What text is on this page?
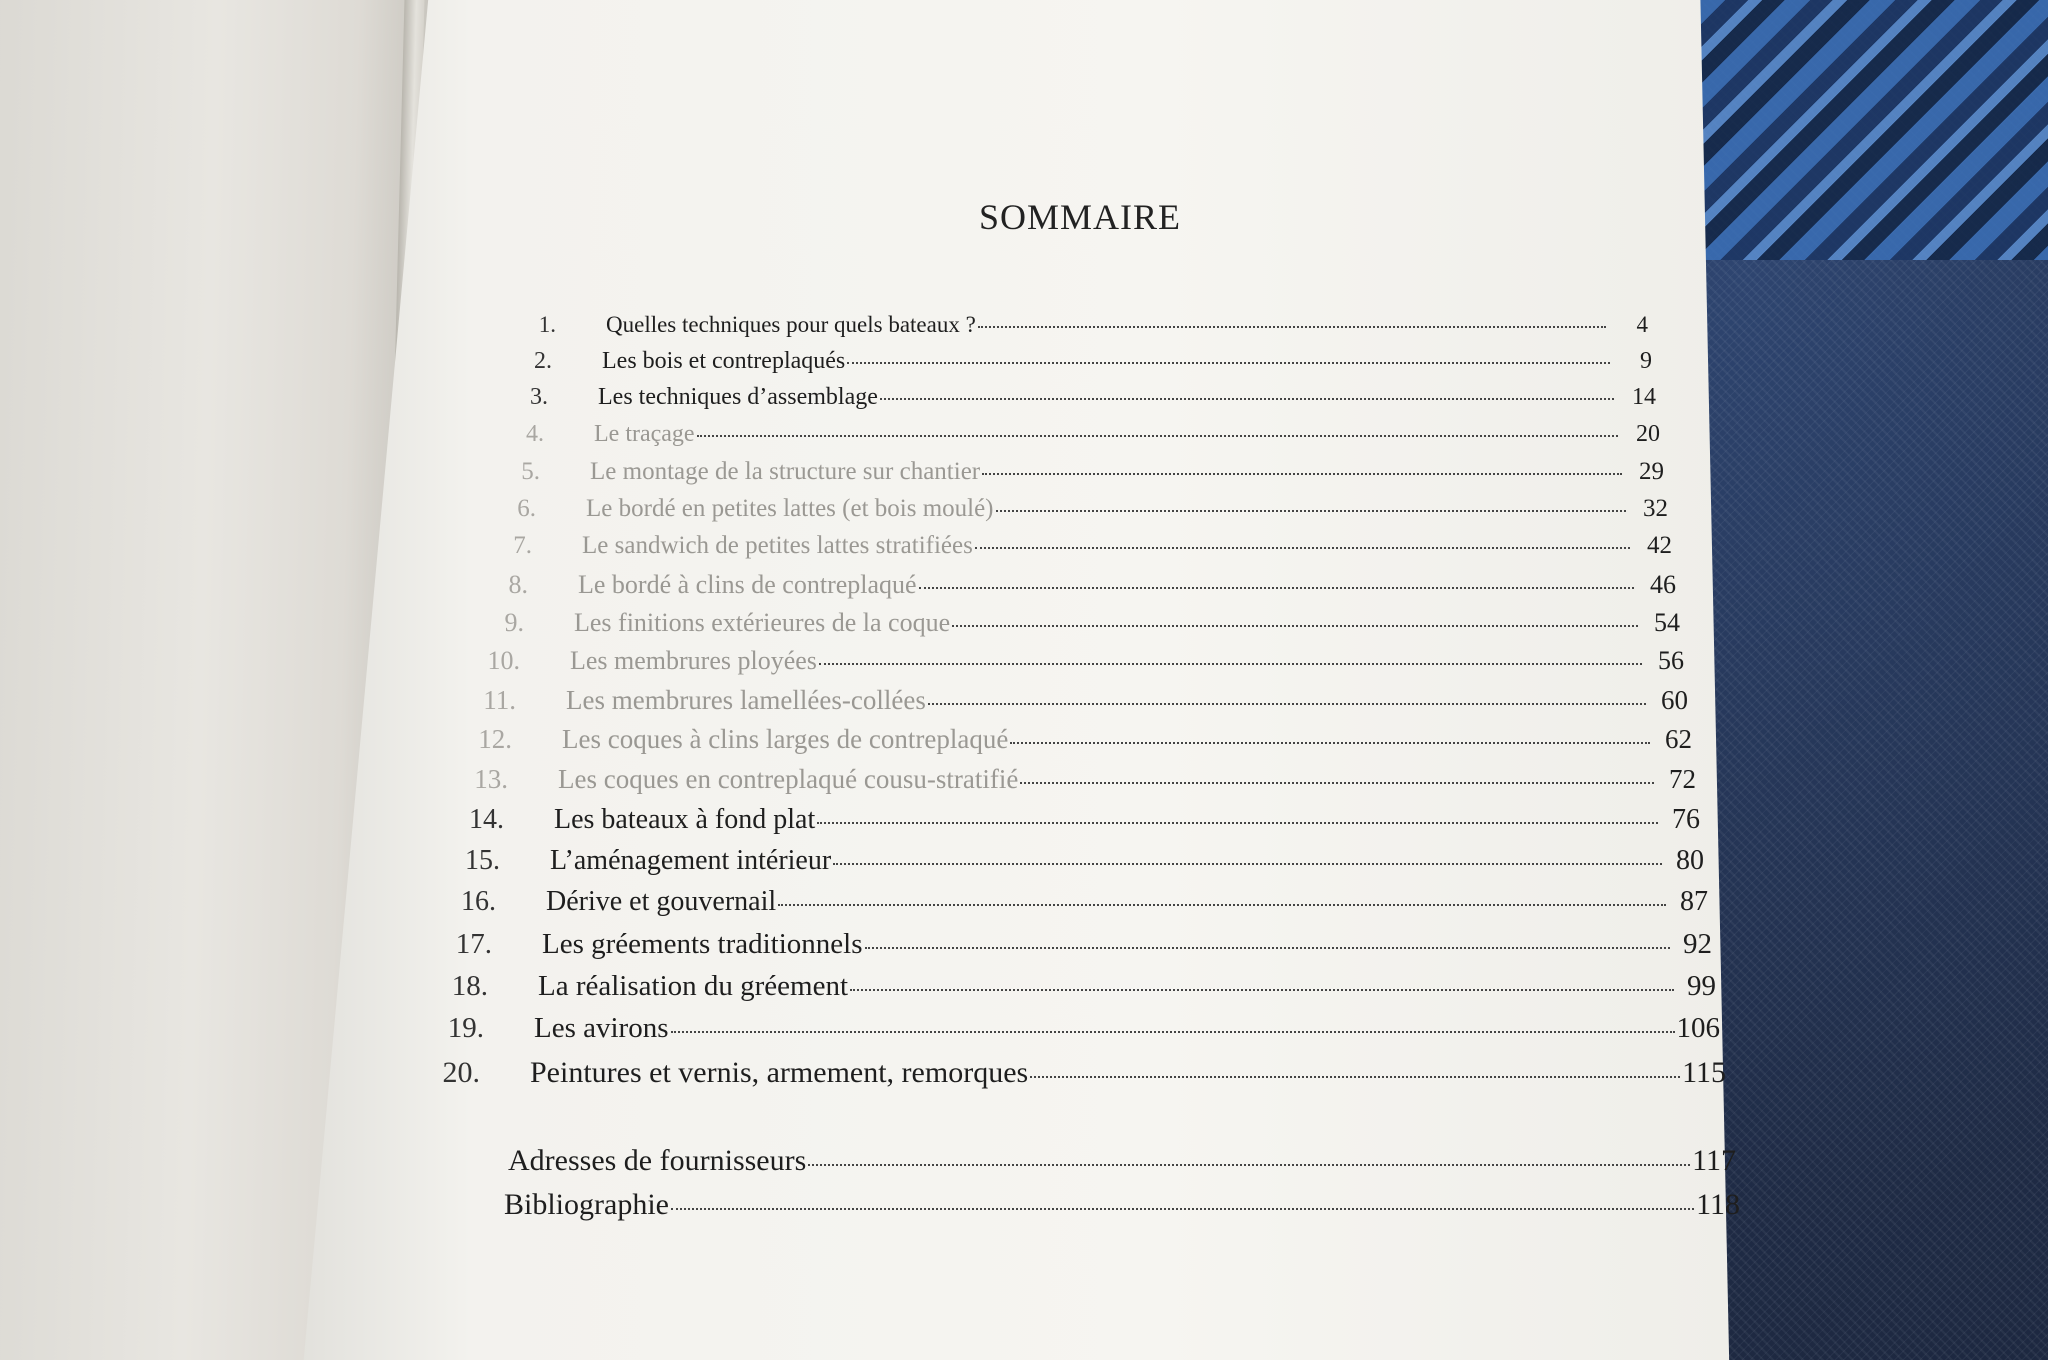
SOMMAIRE
1.	Quelles techniques pour quels bateaux ?	4
2.	Les bois et contreplaqués	9
3.	Les techniques d’assemblage	14
4.	Le traçage	20
5.	Le montage de la structure sur chantier	29
6.	Le bordé en petites lattes (et bois moulé)	32
7.	Le sandwich de petites lattes stratifiées	42
8.	Le bordé à clins de contreplaqué	46
9.	Les finitions extérieures de la coque	54
10.	Les membrures ployées	56
11.	Les membrures lamellées-collées	60
12.	Les coques à clins larges de contreplaqué	62
13.	Les coques en contreplaqué cousu-stratifié	72
14.	Les bateaux à fond plat	76
15.	L’aménagement intérieur	80
16.	Dérive et gouvernail	87
17.	Les gréements traditionnels	92
18.	La réalisation du gréement	99
19.	Les avirons	106
20.	Peintures et vernis, armement, remorques	115
Adresses de fournisseurs	117
Bibliographie	118
